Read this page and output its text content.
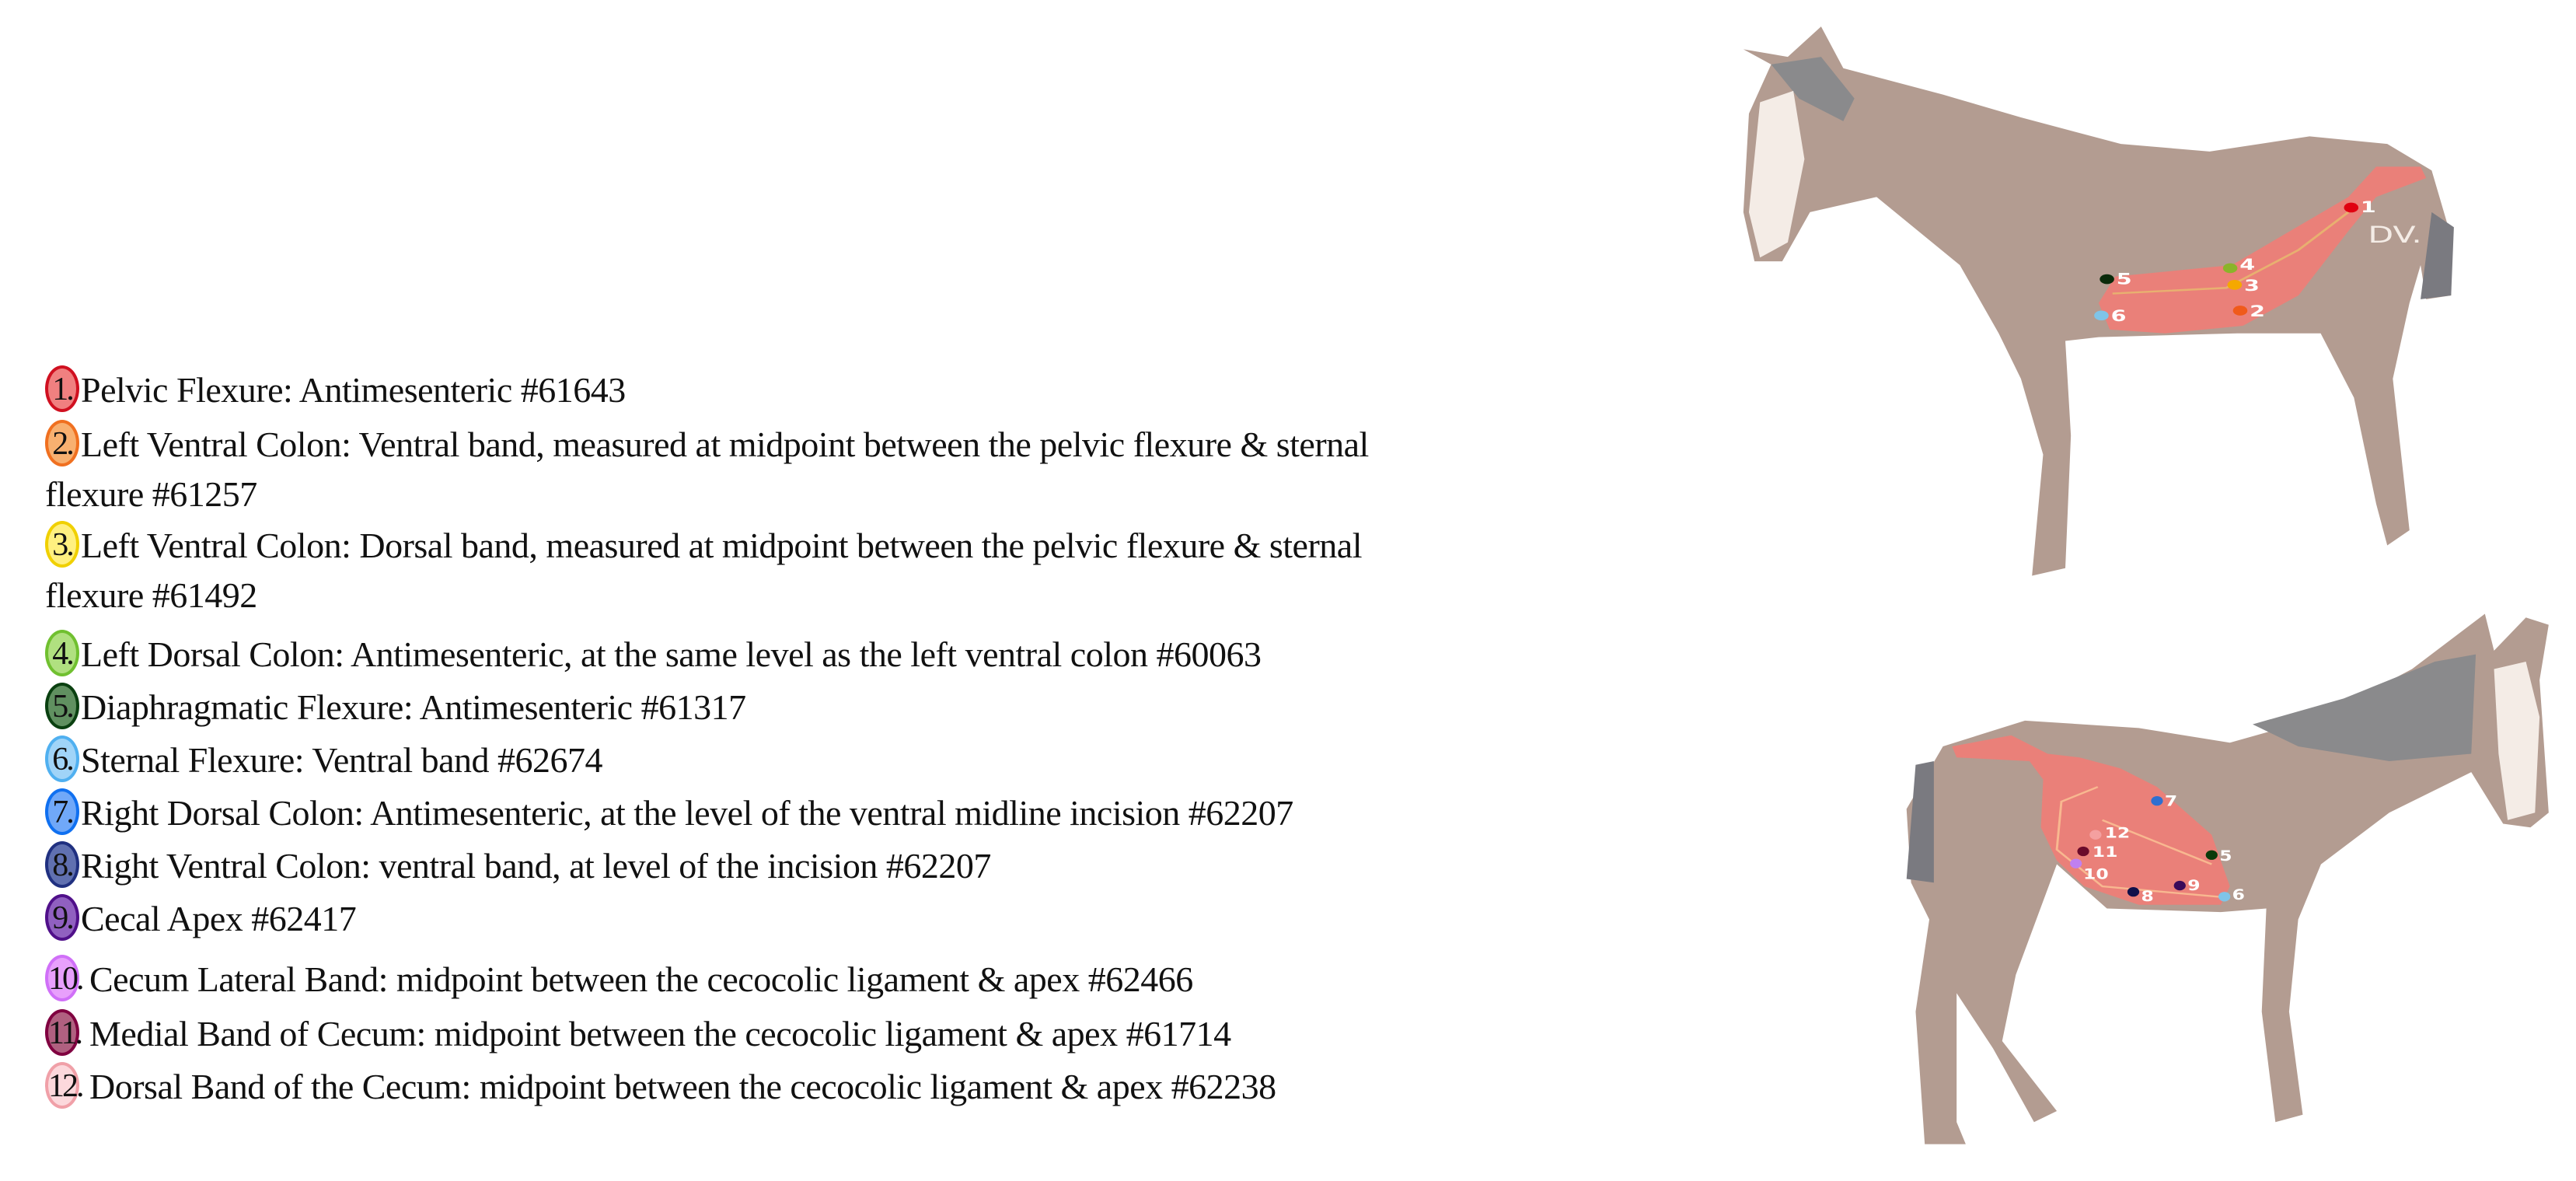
1. Pelvic Flexure: Antimesenteric #61643
2. Left Ventral Colon: Ventral band, measured at midpoint between the pelvic flexure & sternal
flexure #61257
3. Left Ventral Colon: Dorsal band, measured at midpoint between the pelvic flexure & sternal
flexure #61492
4. Left Dorsal Colon: Antimesenteric, at the same level as the left ventral colon #60063
5. Diaphragmatic Flexure: Antimesenteric #61317
6. Sternal Flexure: Ventral band #62674
7. Right Dorsal Colon: Antimesenteric, at the level of the ventral midline incision #62207
8. Right Ventral Colon: ventral band, at level of the incision #62207
9. Cecal Apex #62417
10. Cecum Lateral Band: midpoint between the cecocolic ligament & apex #62466
11. Medial Band of Cecum: midpoint between the cecocolic ligament & apex #61714
12. Dorsal Band of the Cecum: midpoint between the cecocolic ligament & apex #62238
DV.
1
2
3
4
5
6
7
12
11
10
8
9
5
6
